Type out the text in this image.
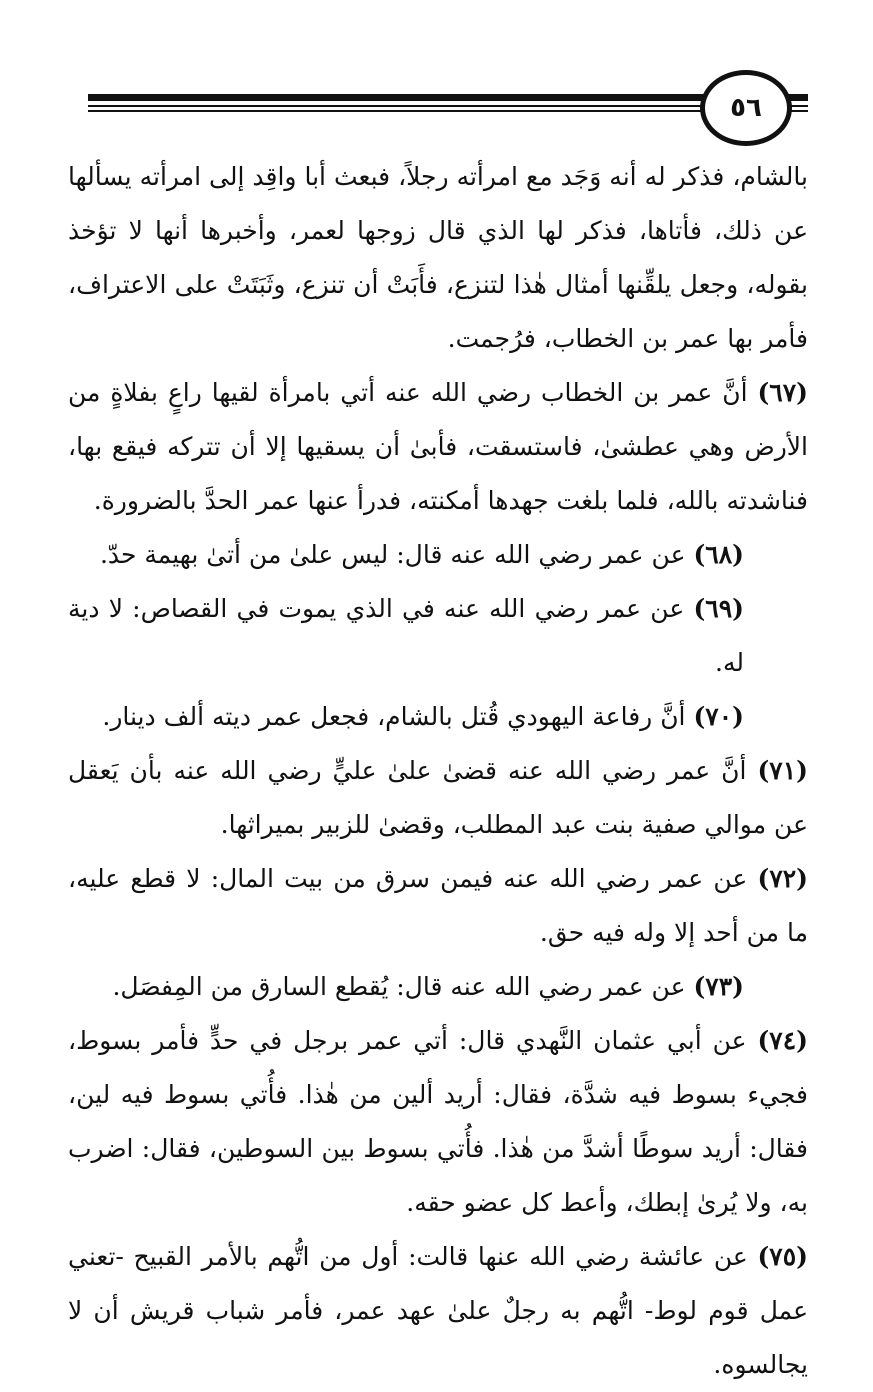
٥٦

بالشام، فذكر له أنه وَجَد مع امرأته رجلاً، فبعث أبا واقِد إلى امرأته يسألها عن ذلك، فأتاها، فذكر لها الذي قال زوجها لعمر، وأخبرها أنها لا تؤخذ بقوله، وجعل يلقِّنها أمثال هٰذا لتنزع، فأَبَتْ أن تنزع، وثَبَتَتْ على الاعتراف، فأمر بها عمر بن الخطاب، فرُجمت.

(٦٧) أنَّ عمر بن الخطاب رضي الله عنه أتي بامرأة لقيها راعٍ بفلاةٍ من الأرض وهي عطشىٰ، فاستسقت، فأبىٰ أن يسقيها إلا أن تتركه فيقع بها، فناشدته بالله، فلما بلغت جهدها أمكنته، فدرأ عنها عمر الحدَّ بالضرورة.

(٦٨) عن عمر رضي الله عنه قال: ليس علىٰ من أتىٰ بهيمة حدّ.

(٦٩) عن عمر رضي الله عنه في الذي يموت في القصاص: لا دية له.

(٧٠) أنَّ رفاعة اليهودي قُتل بالشام، فجعل عمر ديته ألف دينار.

(٧١) أنَّ عمر رضي الله عنه قضىٰ علىٰ عليٍّ رضي الله عنه بأن يَعقل عن موالي صفية بنت عبد المطلب، وقضىٰ للزبير بميراثها.

(٧٢) عن عمر رضي الله عنه فيمن سرق من بيت المال: لا قطع عليه، ما من أحد إلا وله فيه حق.

(٧٣) عن عمر رضي الله عنه قال: يُقطع السارق من المِفصَل.

(٧٤) عن أبي عثمان النَّهدي قال: أتي عمر برجل في حدٍّ فأمر بسوط، فجيء بسوط فيه شدَّة، فقال: أريد ألين من هٰذا. فأُتي بسوط فيه لين، فقال: أريد سوطًا أشدَّ من هٰذا. فأُتي بسوط بين السوطين، فقال: اضرب به، ولا يُرىٰ إبطك، وأعط كل عضو حقه.

(٧٥) عن عائشة رضي الله عنها قالت: أول من اتُّهم بالأمر القبيح -تعني عمل قوم لوط- اتُّهم به رجلٌ علىٰ عهد عمر، فأمر شباب قريش أن لا يجالسوه.
